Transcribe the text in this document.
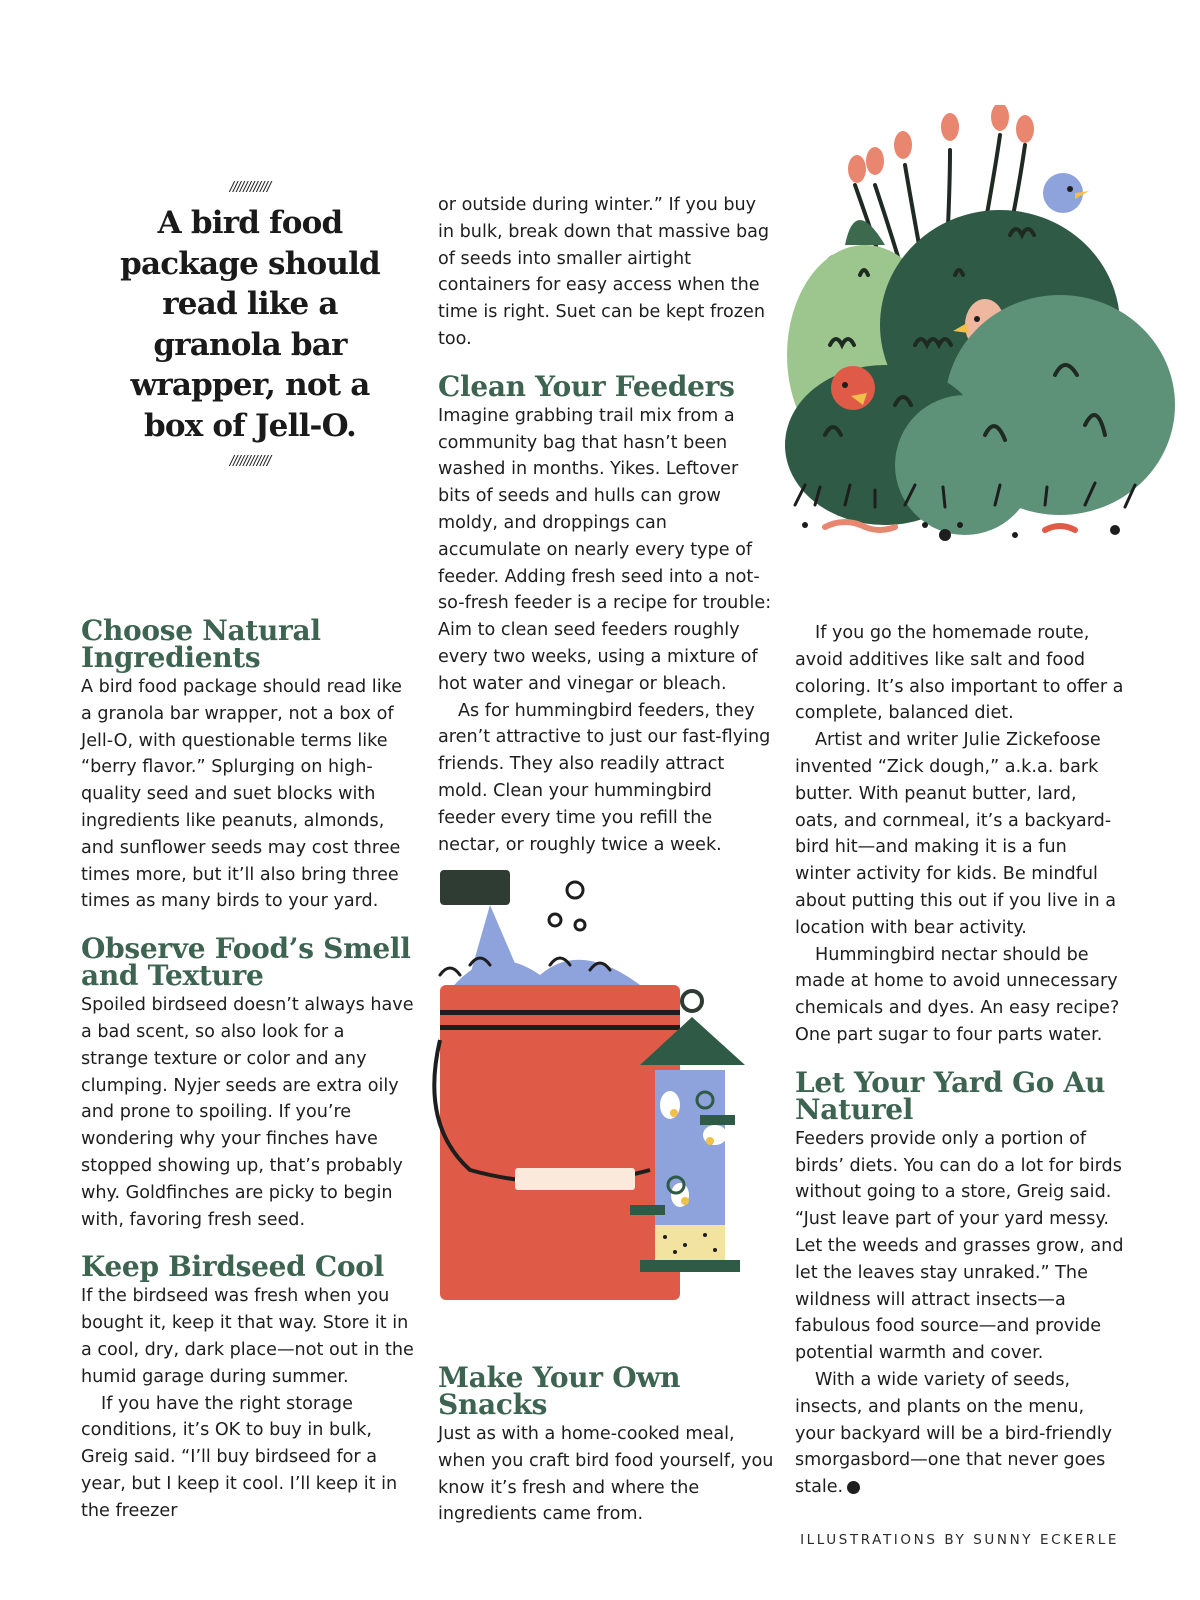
////////////
A bird food package should read like a granola bar wrapper, not a box of Jell-O.
////////////
Choose Natural Ingredients

A bird food package should read like a granola bar wrapper, not a box of Jell-O, with questionable terms like “berry flavor.” Splurging on high-quality seed and suet blocks with ingredients like peanuts, almonds, and sunflower seeds may cost three times more, but it’ll also bring three times as many birds to your yard.

Observe Food’s Smell and Texture

Spoiled birdseed doesn’t always have a bad scent, so also look for a strange texture or color and any clumping. Nyjer seeds are extra oily and prone to spoiling. If you’re wondering why your finches have stopped showing up, that’s probably why. Goldfinches are picky to begin with, favoring fresh seed.

Keep Birdseed Cool

If the birdseed was fresh when you bought it, keep it that way. Store it in a cool, dry, dark place—not out in the humid garage during summer.

If you have the right storage conditions, it’s OK to buy in bulk, Greig said. “I’ll buy birdseed for a year, but I keep it cool. I’ll keep it in the freezer

or outside during winter.” If you buy in bulk, break down that massive bag of seeds into smaller airtight containers for easy access when the time is right. Suet can be kept frozen too.

Clean Your Feeders

Imagine grabbing trail mix from a community bag that hasn’t been washed in months. Yikes. Leftover bits of seeds and hulls can grow moldy, and droppings can accumulate on nearly every type of feeder. Adding fresh seed into a not-so-fresh feeder is a recipe for trouble: Aim to clean seed feeders roughly every two weeks, using a mixture of hot water and vinegar or bleach.

As for hummingbird feeders, they aren’t attractive to just our fast-flying friends. They also readily attract mold. Clean your hummingbird feeder every time you refill the nectar, or roughly twice a week.

Make Your Own Snacks

Just as with a home-cooked meal, when you craft bird food yourself, you know it’s fresh and where the ingredients came from.

If you go the homemade route, avoid additives like salt and food coloring. It’s also important to offer a complete, balanced diet.

Artist and writer Julie Zickefoose invented “Zick dough,” a.k.a. bark butter. With peanut butter, lard, oats, and cornmeal, it’s a backyard-bird hit—and making it is a fun winter activity for kids. Be mindful about putting this out if you live in a location with bear activity.

Hummingbird nectar should be made at home to avoid unnecessary chemicals and dyes. An easy recipe? One part sugar to four parts water.

Let Your Yard Go Au Naturel

Feeders provide only a portion of birds’ diets. You can do a lot for birds without going to a store, Greig said. “Just leave part of your yard messy. Let the weeds and grasses grow, and let the leaves stay unraked.” The wildness will attract insects—a fabulous food source—and provide potential warmth and cover.

With a wide variety of seeds, insects, and plants on the menu, your backyard will be a bird-friendly smorgasbord—one that never goes stale.

ILLUSTRATIONS BY SUNNY ECKERLE
